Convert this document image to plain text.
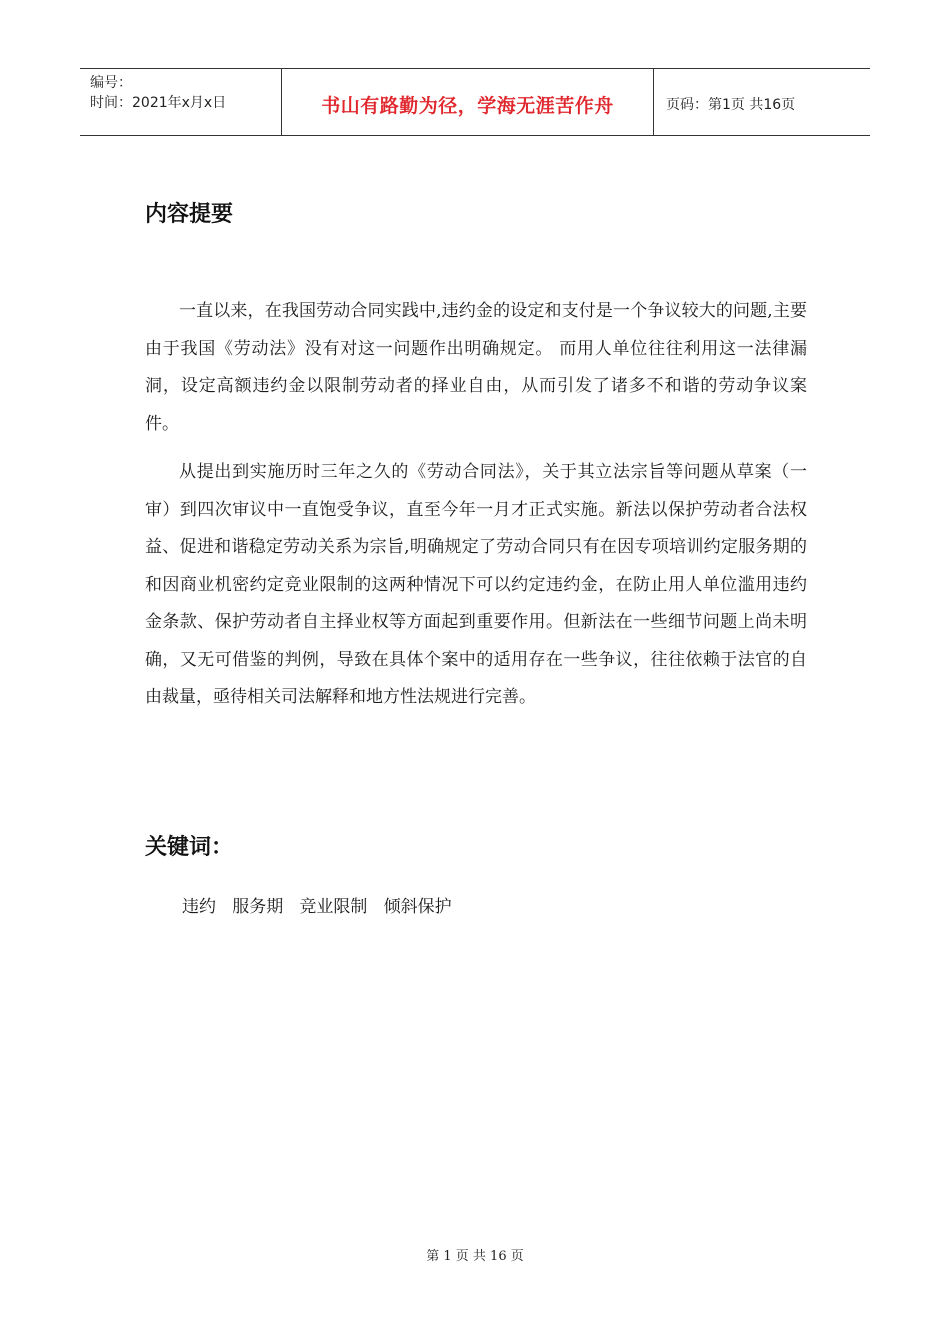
编号：
时间：2021年x月x日	书山有路勤为径，学海无涯苦作舟	页码：第1页 共16页
内容提要

一直以来，在我国劳动合同实践中,违约金的设定和支付是一个争议较大的问题,主要由于我国《劳动法》没有对这一问题作出明确规定。 而用人单位往往利用这一法律漏洞，设定高额违约金以限制劳动者的择业自由，从而引发了诸多不和谐的劳动争议案件。

从提出到实施历时三年之久的《劳动合同法》，关于其立法宗旨等问题从草案（一审）到四次审议中一直饱受争议，直至今年一月才正式实施。新法以保护劳动者合法权益、促进和谐稳定劳动关系为宗旨,明确规定了劳动合同只有在因专项培训约定服务期的和因商业机密约定竞业限制的这两种情况下可以约定违约金，在防止用人单位滥用违约金条款、保护劳动者自主择业权等方面起到重要作用。但新法在一些细节问题上尚未明确，又无可借鉴的判例，导致在具体个案中的适用存在一些争议，往往依赖于法官的自由裁量，亟待相关司法解释和地方性法规进行完善。

关键词：
违约   服务期   竞业限制   倾斜保护
第 1 页 共 16 页
